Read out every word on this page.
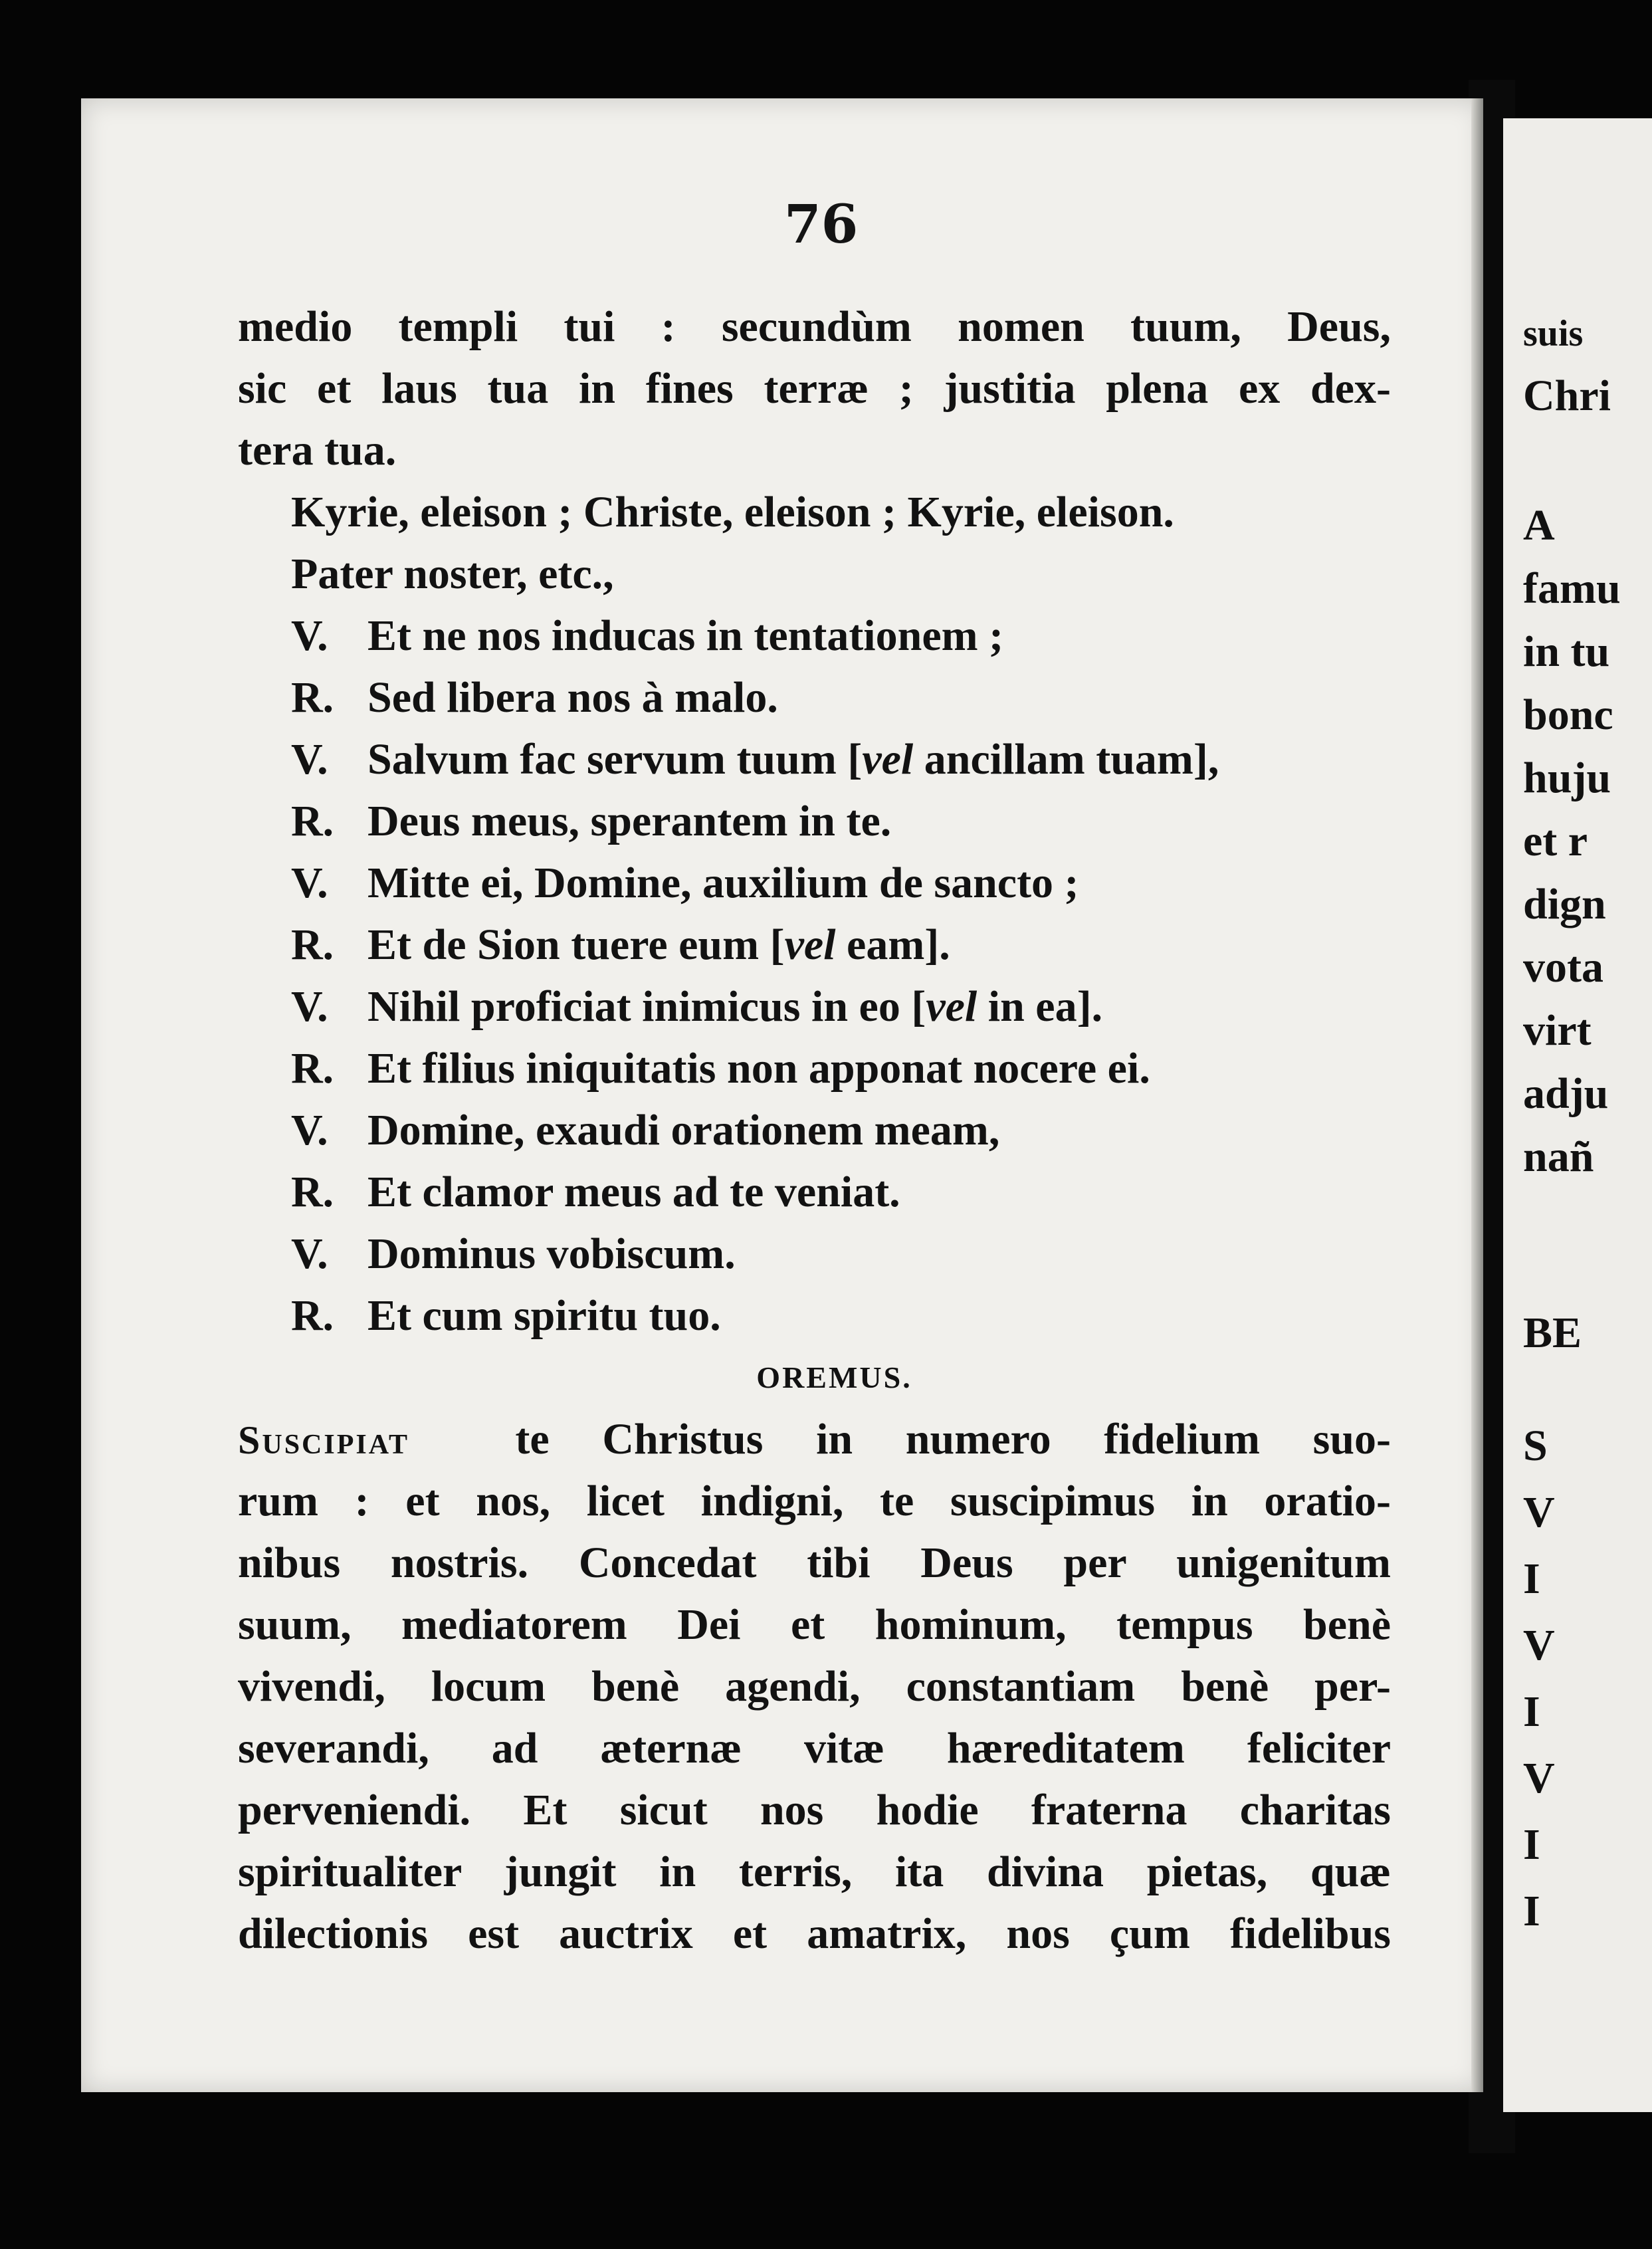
suis
Chri
A
famu
in tu
bonc
huju
et r
dign
vota
virt
adju
nañ
BE
S
V
I
V
I
V
I
I
76
medio templi tui : secundùm nomen tuum, Deus,
sic et laus tua in fines terræ ; justitia plena ex dex-
tera tua.
Kyrie, eleison ; Christe, eleison ; Kyrie, eleison.
Pater noster, etc.,
V. Et ne nos inducas in tentationem ;
R. Sed libera nos à malo.
V. Salvum fac servum tuum [vel ancillam tuam],
R. Deus meus, sperantem in te.
V. Mitte ei, Domine, auxilium de sancto ;
R. Et de Sion tuere eum [vel eam].
V. Nihil proficiat inimicus in eo [vel in ea].
R. Et filius iniquitatis non apponat nocere ei.
V. Domine, exaudi orationem meam,
R. Et clamor meus ad te veniat.
V. Dominus vobiscum.
R. Et cum spiritu tuo.
OREMUS.
Suscipiat te Christus in numero fidelium suo-
rum : et nos, licet indigni, te suscipimus in oratio-
nibus nostris. Concedat tibi Deus per unigenitum
suum, mediatorem Dei et hominum, tempus benè
vivendi, locum benè agendi, constantiam benè per-
severandi, ad æternæ vitæ hæreditatem feliciter
perveniendi. Et sicut nos hodie fraterna charitas
spiritualiter jungit in terris, ita divina pietas, quæ
dilectionis est auctrix et amatrix, nos çum fidelibus
